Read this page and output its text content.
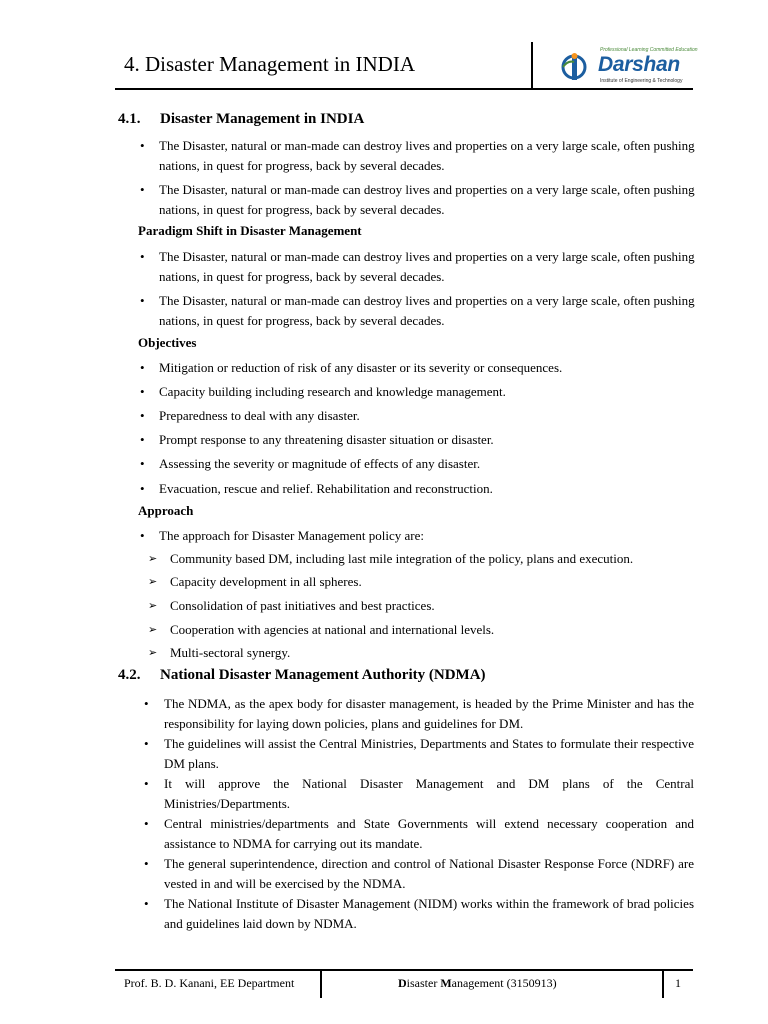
4. Disaster Management in INDIA
Professional Learning Committed Education
Darshan
Institute of Engineering & Technology
4.1. Disaster Management in INDIA
• The Disaster, natural or man-made can destroy lives and properties on a very large scale, often pushing nations, in quest for progress, back by several decades.
• The Disaster, natural or man-made can destroy lives and properties on a very large scale, often pushing nations, in quest for progress, back by several decades.
Paradigm Shift in Disaster Management
• The Disaster, natural or man-made can destroy lives and properties on a very large scale, often pushing nations, in quest for progress, back by several decades.
• The Disaster, natural or man-made can destroy lives and properties on a very large scale, often pushing nations, in quest for progress, back by several decades.
Objectives
• Mitigation or reduction of risk of any disaster or its severity or consequences.
• Capacity building including research and knowledge management.
• Preparedness to deal with any disaster.
• Prompt response to any threatening disaster situation or disaster.
• Assessing the severity or magnitude of effects of any disaster.
• Evacuation, rescue and relief. Rehabilitation and reconstruction.
Approach
• The approach for Disaster Management policy are:
➢ Community based DM, including last mile integration of the policy, plans and execution.
➢ Capacity development in all spheres.
➢ Consolidation of past initiatives and best practices.
➢ Cooperation with agencies at national and international levels.
➢ Multi-sectoral synergy.
4.2. National Disaster Management Authority (NDMA)
• The NDMA, as the apex body for disaster management, is headed by the Prime Minister and has the responsibility for laying down policies, plans and guidelines for DM.
• The guidelines will assist the Central Ministries, Departments and States to formulate their respective DM plans.
• It will approve the National Disaster Management and DM plans of the Central Ministries/Departments.
• Central ministries/departments and State Governments will extend necessary cooperation and assistance to NDMA for carrying out its mandate.
• The general superintendence, direction and control of National Disaster Response Force (NDRF) are vested in and will be exercised by the NDMA.
• The National Institute of Disaster Management (NIDM) works within the framework of brad policies and guidelines laid down by NDMA.
Prof. B. D. Kanani, EE Department	Disaster Management (3150913)	1
